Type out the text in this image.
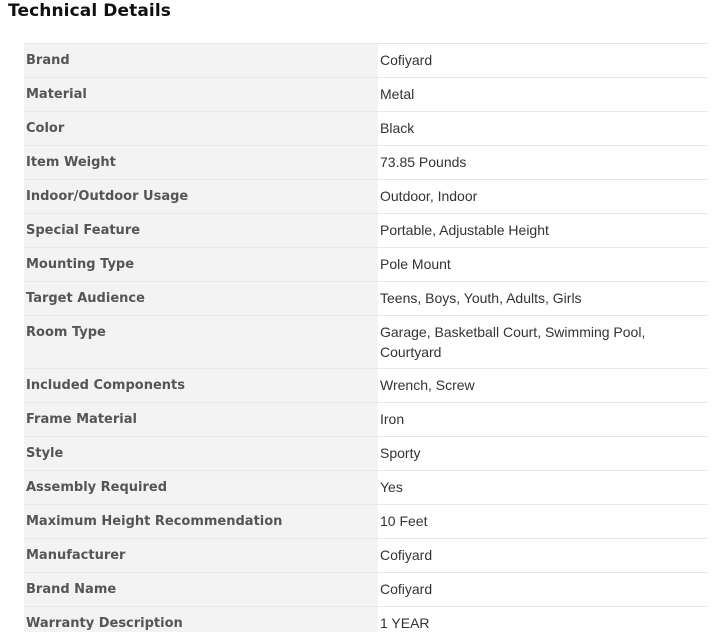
Technical Details
Brand	Cofiyard
Material	Metal
Color	Black
Item Weight	73.85 Pounds
Indoor/Outdoor Usage	Outdoor, Indoor
Special Feature	Portable, Adjustable Height
Mounting Type	Pole Mount
Target Audience	Teens, Boys, Youth, Adults, Girls
Room Type	Garage, Basketball Court, Swimming Pool, Courtyard
Included Components	Wrench, Screw
Frame Material	Iron
Style	Sporty
Assembly Required	Yes
Maximum Height Recommendation	10 Feet
Manufacturer	Cofiyard
Brand Name	Cofiyard
Warranty Description	1 YEAR
